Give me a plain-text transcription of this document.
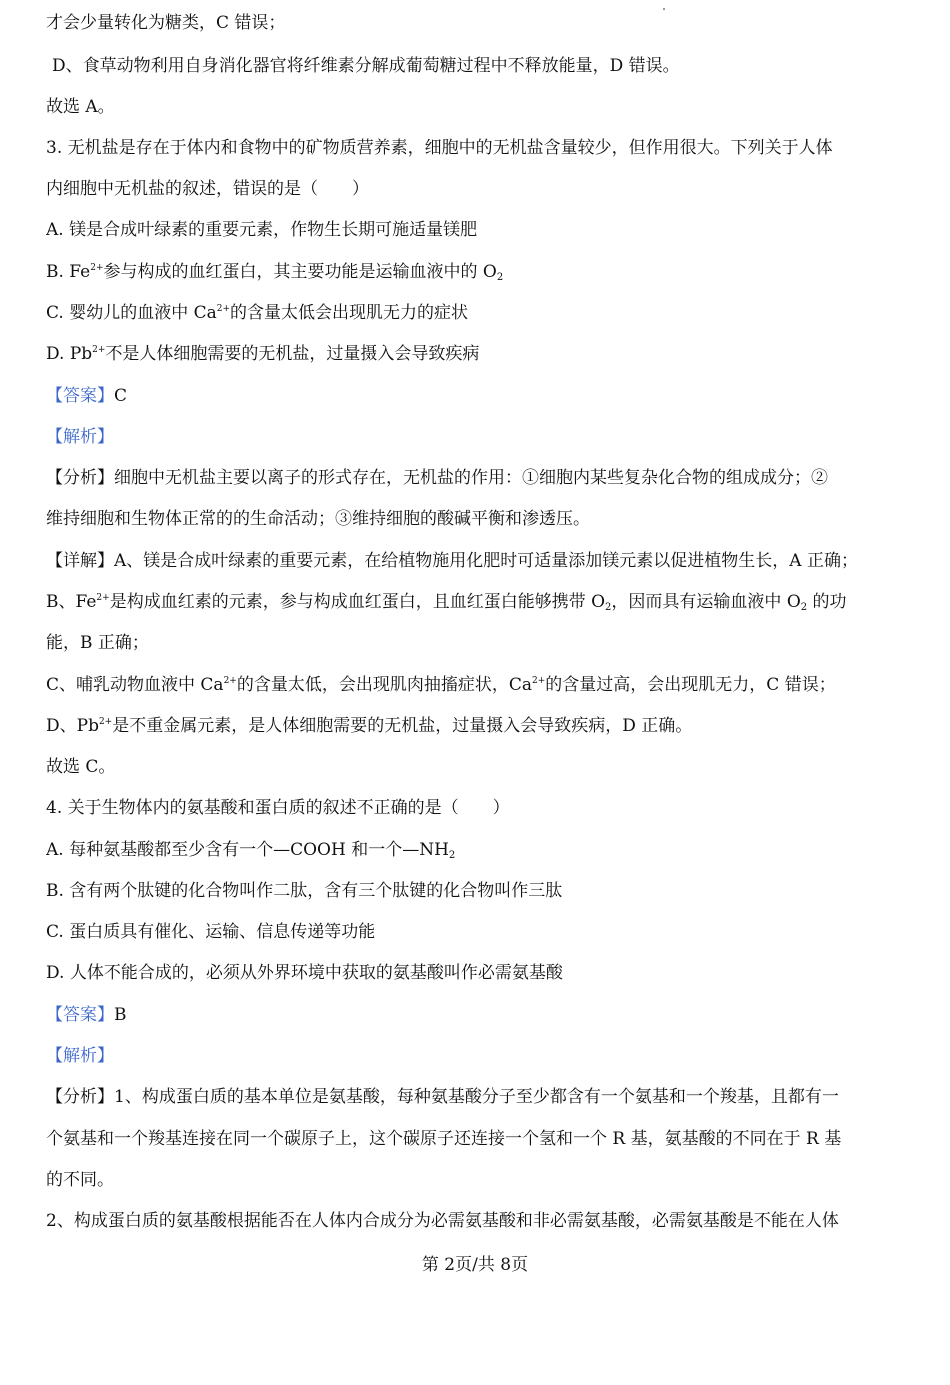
才会少量转化为糖类，C 错误；
D、食草动物利用自身消化器官将纤维素分解成葡萄糖过程中不释放能量，D 错误。
故选 A。
3. 无机盐是存在于体内和食物中的矿物质营养素，细胞中的无机盐含量较少，但作用很大。下列关于人体
内细胞中无机盐的叙述，错误的是（　　）
A. 镁是合成叶绿素的重要元素，作物生长期可施适量镁肥
B. $Fe^{2+}$参与构成的血红蛋白，其主要功能是运输血液中的 $O_2$
C. 婴幼儿的血液中 $Ca^{2+}$的含量太低会出现肌无力的症状
D. $Pb^{2+}$不是人体细胞需要的无机盐，过量摄入会导致疾病
【答案】C
【解析】
【分析】细胞中无机盐主要以离子的形式存在，无机盐的作用：①细胞内某些复杂化合物的组成成分；②
维持细胞和生物体正常的的生命活动；③维持细胞的酸碱平衡和渗透压。
【详解】A、镁是合成叶绿素的重要元素，在给植物施用化肥时可适量添加镁元素以促进植物生长，A 正确；
B、$Fe^{2+}$是构成血红素的元素，参与构成血红蛋白，且血红蛋白能够携带 $O_2$，因而具有运输血液中 $O_2$ 的功
能，B 正确；
C、哺乳动物血液中 $Ca^{2+}$的含量太低，会出现肌肉抽搐症状，$Ca^{2+}$的含量过高，会出现肌无力，C 错误；
D、$Pb^{2+}$是不重金属元素，是人体细胞需要的无机盐，过量摄入会导致疾病，D 正确。
故选 C。
4. 关于生物体内的氨基酸和蛋白质的叙述不正确的是（　　）
A. 每种氨基酸都至少含有一个—COOH 和一个$—NH_2$
B. 含有两个肽键的化合物叫作二肽，含有三个肽键的化合物叫作三肽
C. 蛋白质具有催化、运输、信息传递等功能
D. 人体不能合成的，必须从外界环境中获取的氨基酸叫作必需氨基酸
【答案】B
【解析】
【分析】1、构成蛋白质的基本单位是氨基酸，每种氨基酸分子至少都含有一个氨基和一个羧基，且都有一
个氨基和一个羧基连接在同一个碳原子上，这个碳原子还连接一个氢和一个 R 基，氨基酸的不同在于 R 基
的不同。
2、构成蛋白质的氨基酸根据能否在人体内合成分为必需氨基酸和非必需氨基酸，必需氨基酸是不能在人体
第 2页/共 8页
